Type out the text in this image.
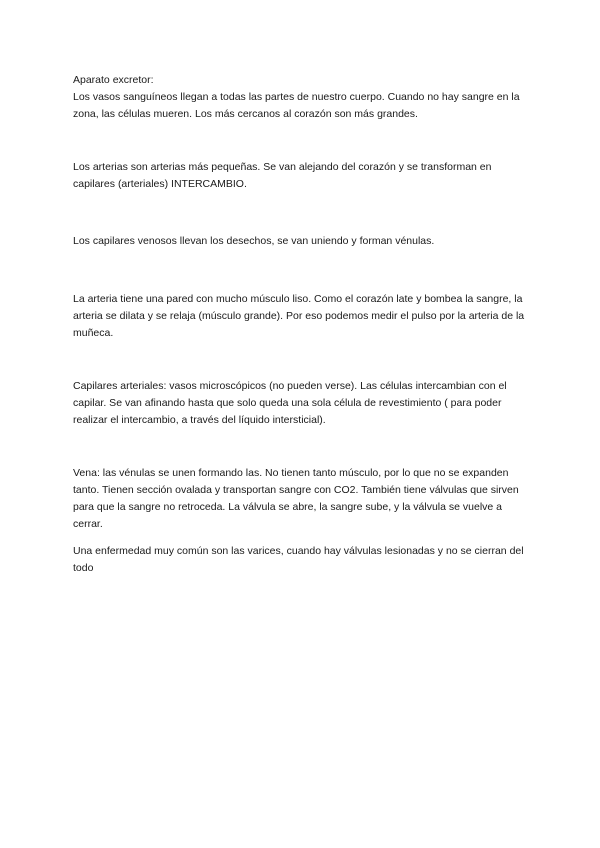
Aparato excretor:
Los vasos sanguíneos llegan a todas las partes de nuestro cuerpo. Cuando no hay sangre en la zona, las células mueren. Los más cercanos al corazón son más grandes.

Los arterias son arterias más pequeñas. Se van alejando del corazón y se transforman en capilares (arteriales) INTERCAMBIO.

Los capilares venosos llevan los desechos, se van uniendo y forman vénulas.

La arteria tiene una pared con mucho músculo liso. Como el corazón late y bombea la sangre, la arteria se dilata y se relaja (músculo grande). Por eso podemos medir el pulso por la arteria de la muñeca.

Capilares arteriales: vasos microscópicos (no pueden verse). Las células intercambian con el capilar. Se van afinando hasta que solo queda una sola célula de revestimiento ( para poder realizar el intercambio, a través del líquido intersticial).

Vena: las vénulas se unen formando las. No tienen tanto músculo, por lo que no se expanden tanto. Tienen sección ovalada y transportan sangre con CO2. También tiene válvulas que sirven para que la sangre no retroceda. La válvula se abre, la sangre sube, y la válvula se vuelve a cerrar.

Una enfermedad muy común son las varices, cuando hay válvulas lesionadas y no se cierran del todo
